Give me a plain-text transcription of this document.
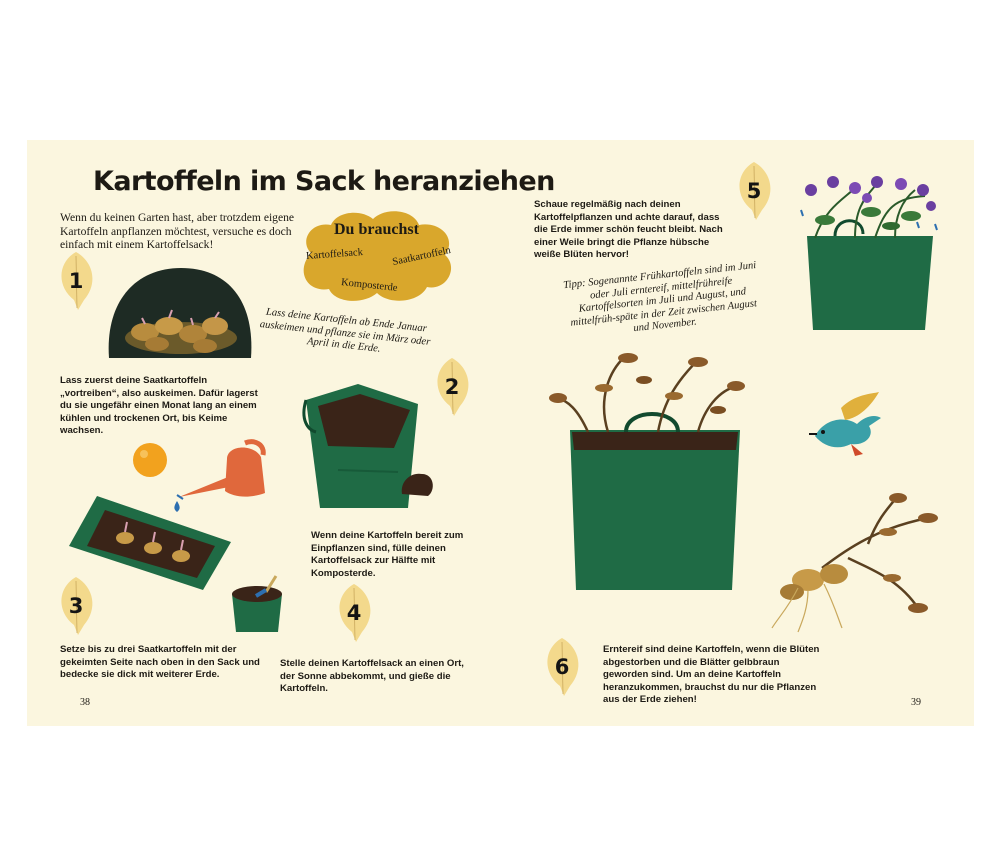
Kartoffeln im Sack heranziehen
Wenn du keinen Garten hast, aber trotzdem eigene Kartoffeln anpflanzen möchtest, versuche es doch einfach mit einem Kartoffelsack!
Du brauchst
Kartoffelsack	Saatkartoffeln
Komposterde
Lass deine Kartoffeln ab Ende Januar auskeimen und pflanze sie im März oder April in die Erde.
1
2
3	4
Lass zuerst deine Saatkartoffeln „vortreiben“, also auskeimen. Dafür lagerst du sie ungefähr einen Monat lang an einem kühlen und trockenen Ort, bis Keime wachsen.
Wenn deine Kartoffeln bereit zum Einpflanzen sind, fülle deinen Kartoffelsack zur Hälfte mit Komposterde.
Setze bis zu drei Saatkartoffeln mit der gekeimten Seite nach oben in den Sack und bedecke sie dick mit weiterer Erde.
Stelle deinen Kartoffelsack an einen Ort, der Sonne abbekommt, und gieße die Kartoffeln.
38
Schaue regelmäßig nach deinen Kartoffelpflanzen und achte darauf, dass die Erde immer schön feucht bleibt. Nach einer Weile bringt die Pflanze hübsche weiße Blüten hervor!
5
Tipp: Sogenannte Frühkartoffeln sind im Juni oder Juli erntereif, mittelfrühreife Kartoffelsorten im Juli und August, und mittelfrüh-späte in der Zeit zwischen August und November.
6
Erntereif sind deine Kartoffeln, wenn die Blüten abgestorben und die Blätter gelbbraun geworden sind. Um an deine Kartoffeln heranzukommen, brauchst du nur die Pflanzen aus der Erde ziehen!	39
